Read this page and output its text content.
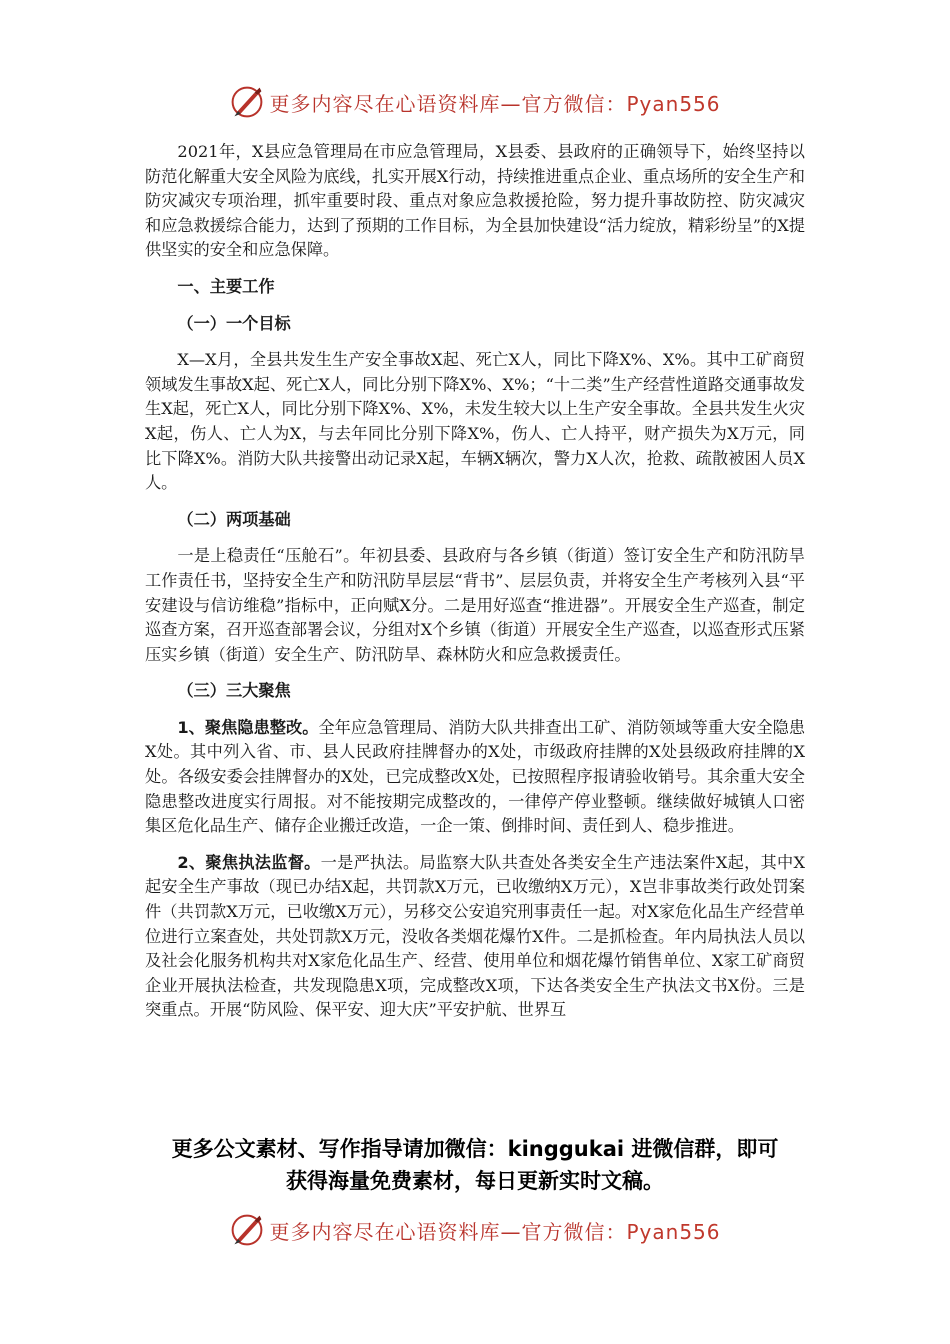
更多内容尽在心语资料库—官方微信：Pyan556

2021年，X县应急管理局在市应急管理局，X县委、县政府的正确领导下，始终坚持以防范化解重大安全风险为底线，扎实开展X行动，持续推进重点企业、重点场所的安全生产和防灾减灾专项治理，抓牢重要时段、重点对象应急救援抢险，努力提升事故防控、防灾减灾和应急救援综合能力，达到了预期的工作目标，为全县加快建设“活力绽放，精彩纷呈”的X提供坚实的安全和应急保障。

一、主要工作

（一）一个目标

X—X月，全县共发生生产安全事故X起、死亡X人，同比下降X%、X%。其中工矿商贸领域发生事故X起、死亡X人，同比分别下降X%、X%；“十二类”生产经营性道路交通事故发生X起，死亡X人，同比分别下降X%、X%，未发生较大以上生产安全事故。全县共发生火灾X起，伤人、亡人为X，与去年同比分别下降X%，伤人、亡人持平，财产损失为X万元，同比下降X%。消防大队共接警出动记录X起，车辆X辆次，警力X人次，抢救、疏散被困人员X人。

（二）两项基础

一是上稳责任“压舱石”。年初县委、县政府与各乡镇（街道）签订安全生产和防汛防旱工作责任书，坚持安全生产和防汛防旱层层“背书”、层层负责，并将安全生产考核列入县“平安建设与信访维稳”指标中，正向赋X分。二是用好巡查“推进器”。开展安全生产巡查，制定巡查方案，召开巡查部署会议，分组对X个乡镇（街道）开展安全生产巡查，以巡查形式压紧压实乡镇（街道）安全生产、防汛防旱、森林防火和应急救援责任。

（三）三大聚焦

1、聚焦隐患整改。全年应急管理局、消防大队共排查出工矿、消防领域等重大安全隐患X处。其中列入省、市、县人民政府挂牌督办的X处，市级政府挂牌的X处县级政府挂牌的X处。各级安委会挂牌督办的X处，已完成整改X处，已按照程序报请验收销号。其余重大安全隐患整改进度实行周报。对不能按期完成整改的，一律停产停业整顿。继续做好城镇人口密集区危化品生产、储存企业搬迁改造，一企一策、倒排时间、责任到人、稳步推进。

2、聚焦执法监督。一是严执法。局监察大队共查处各类安全生产违法案件X起，其中X起安全生产事故（现已办结X起，共罚款X万元，已收缴纳X万元），X岂非事故类行政处罚案件（共罚款X万元，已收缴X万元），另移交公安追究刑事责任一起。对X家危化品生产经营单位进行立案查处，共处罚款X万元，没收各类烟花爆竹X件。二是抓检查。年内局执法人员以及社会化服务机构共对X家危化品生产、经营、使用单位和烟花爆竹销售单位、X家工矿商贸企业开展执法检查，共发现隐患X项，完成整改X项，下达各类安全生产执法文书X份。三是突重点。开展“防风险、保平安、迎大庆”平安护航、世界互

更多公文素材、写作指导请加微信：kinggukai 进微信群，即可
获得海量免费素材，每日更新实时文稿。
更多内容尽在心语资料库—官方微信：Pyan556
